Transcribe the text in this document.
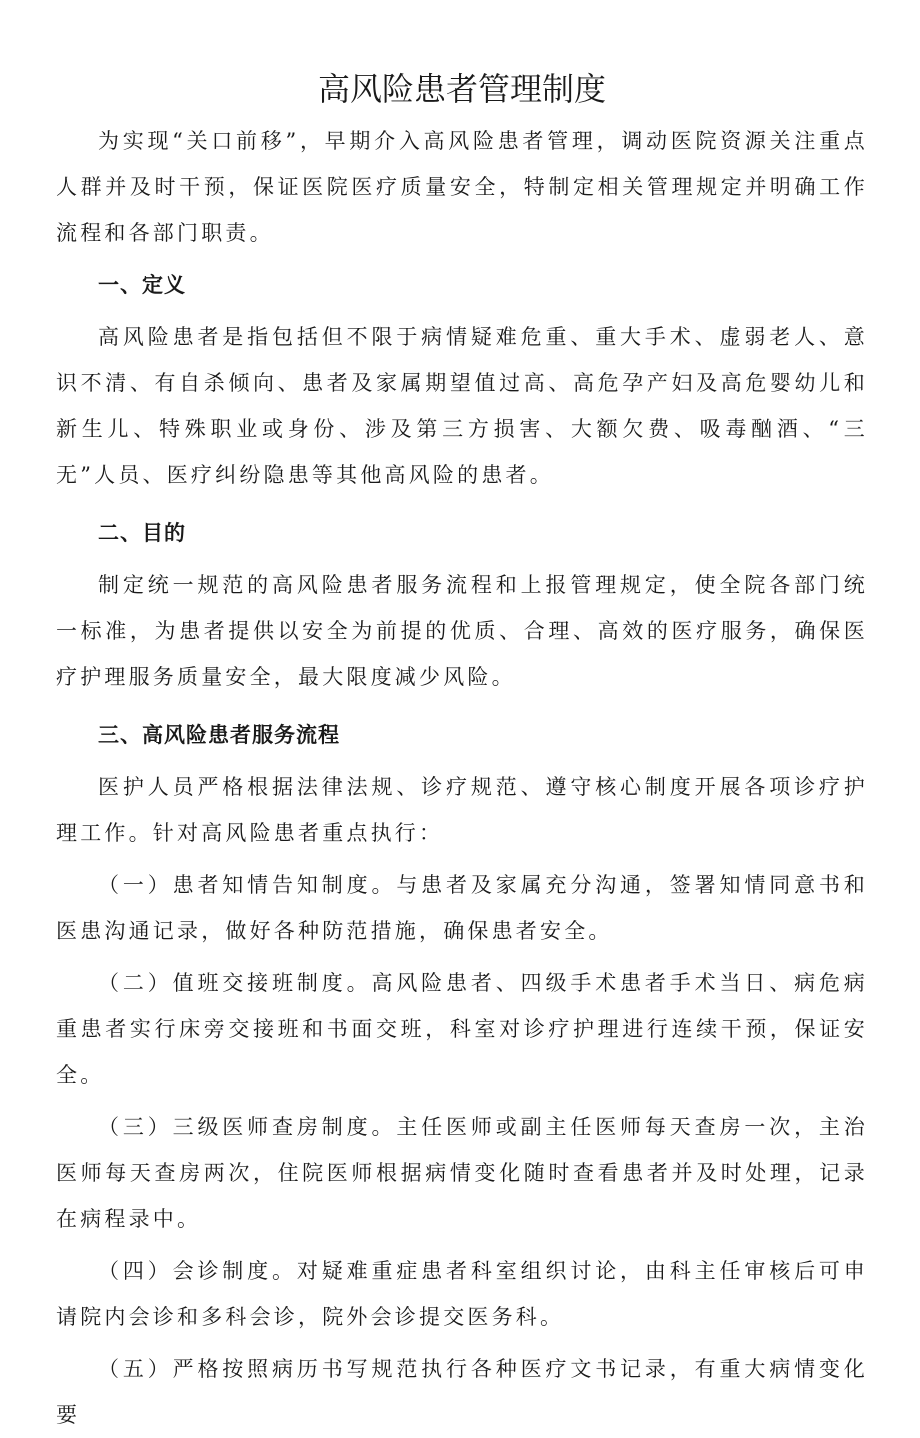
高风险患者管理制度

为实现“关口前移”，早期介入高风险患者管理，调动医院资源关注重点人群并及时干预，保证医院医疗质量安全，特制定相关管理规定并明确工作流程和各部门职责。

一、定义

高风险患者是指包括但不限于病情疑难危重、重大手术、虚弱老人、意识不清、有自杀倾向、患者及家属期望值过高、高危孕产妇及高危婴幼儿和新生儿、特殊职业或身份、涉及第三方损害、大额欠费、吸毒酗酒、“三无”人员、医疗纠纷隐患等其他高风险的患者。

二、目的

制定统一规范的高风险患者服务流程和上报管理规定，使全院各部门统一标准，为患者提供以安全为前提的优质、合理、高效的医疗服务，确保医疗护理服务质量安全，最大限度减少风险。

三、高风险患者服务流程

医护人员严格根据法律法规、诊疗规范、遵守核心制度开展各项诊疗护理工作。针对高风险患者重点执行：

（一）患者知情告知制度。与患者及家属充分沟通，签署知情同意书和医患沟通记录，做好各种防范措施，确保患者安全。

（二）值班交接班制度。高风险患者、四级手术患者手术当日、病危病重患者实行床旁交接班和书面交班，科室对诊疗护理进行连续干预，保证安全。

（三）三级医师查房制度。主任医师或副主任医师每天查房一次，主治医师每天查房两次，住院医师根据病情变化随时查看患者并及时处理，记录在病程录中。

（四）会诊制度。对疑难重症患者科室组织讨论，由科主任审核后可申请院内会诊和多科会诊，院外会诊提交医务科。

（五）严格按照病历书写规范执行各种医疗文书记录，有重大病情变化要
